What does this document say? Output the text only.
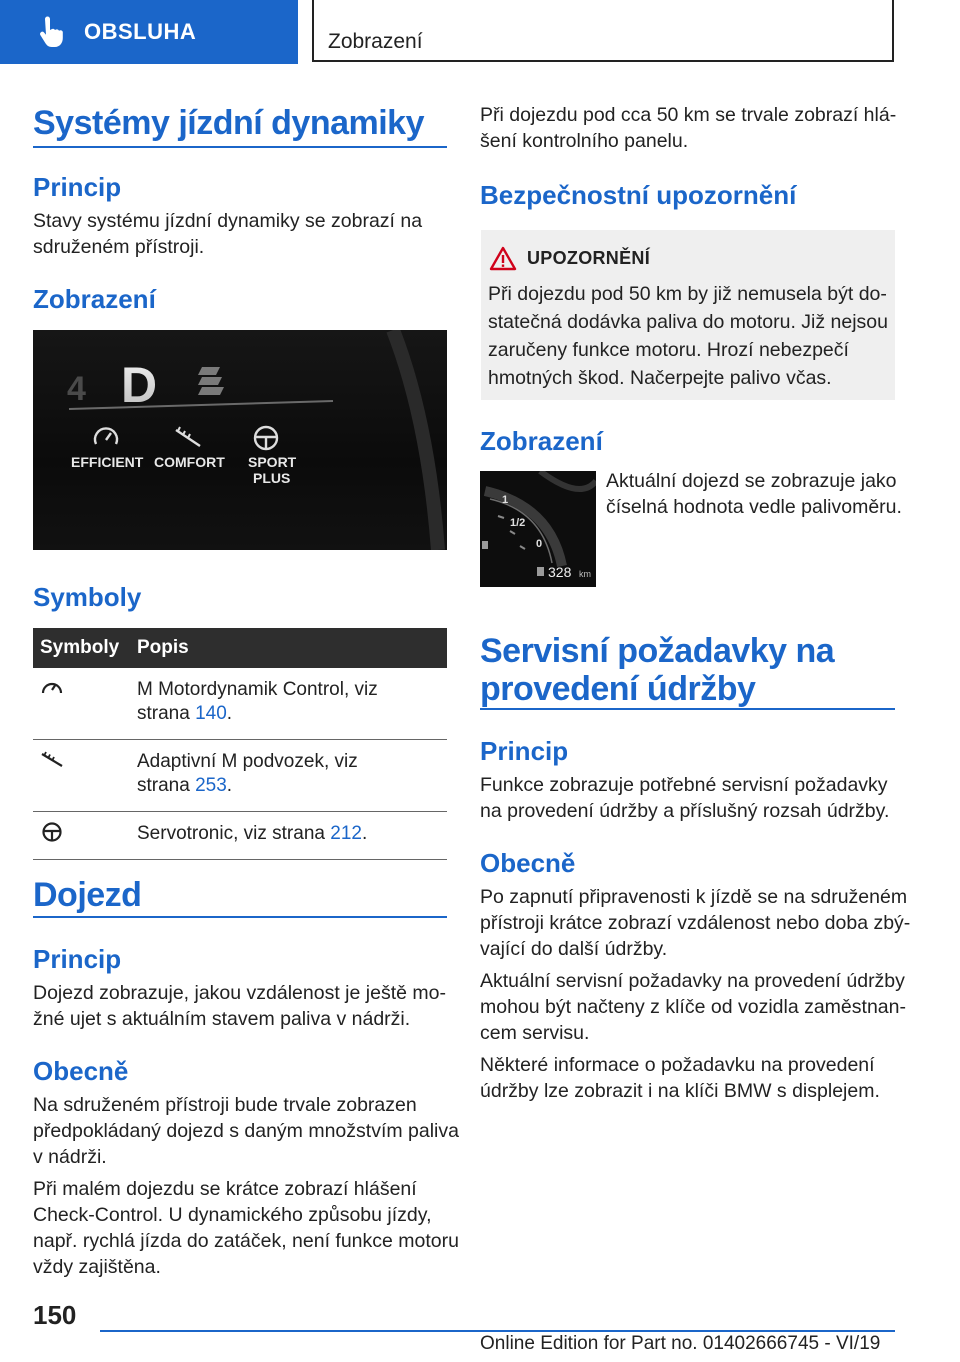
OBSLUHA	Zobrazení
Systémy jízdní dynamiky
Princip
Stavy systému jízdní dynamiky se zobrazí na
sdruženém přístroji.
Zobrazení
4 D
EFFICIENT COMFORT SPORT
PLUS
Symboly
Symboly Popis
M Motordynamik Control, viz
strana 140.
Adaptivní M podvozek, viz
strana 253.
Servotronic, viz strana 212.
Dojezd
Princip
Dojezd zobrazuje, jakou vzdálenost je ještě mo-
žné ujet s aktuálním stavem paliva v nádrži.
Obecně
Na sdruženém přístroji bude trvale zobrazen
předpokládaný dojezd s daným množstvím paliva
v nádrži.
Při malém dojezdu se krátce zobrazí hlášení
Check-Control. U dynamického způsobu jízdy,
např. rychlá jízda do zatáček, není funkce motoru
vždy zajištěna.
Při dojezdu pod cca 50 km se trvale zobrazí hlá-
šení kontrolního panelu.
Bezpečnostní upozornění
UPOZORNĚNÍ
Při dojezdu pod 50 km by již nemusela být do-
statečná dodávka paliva do motoru. Již nejsou
zaručeny funkce motoru. Hrozí nebezpečí
hmotných škod. Načerpejte palivo včas.
Zobrazení
1
1/2
0
328 km
Aktuální dojezd se zobrazuje jako
číselná hodnota vedle palivoměru.
Servisní požadavky na
provedení údržby
Princip
Funkce zobrazuje potřebné servisní požadavky
na provedení údržby a příslušný rozsah údržby.
Obecně
Po zapnutí připravenosti k jízdě se na sdruženém
přístroji krátce zobrazí vzdálenost nebo doba zbý-
vající do další údržby.
Aktuální servisní požadavky na provedení údržby
mohou být načteny z klíče od vozidla zaměstnan-
cem servisu.
Některé informace o požadavku na provedení
údržby lze zobrazit i na klíči BMW s displejem.
150
Online Edition for Part no. 01402666745 - VI/19
